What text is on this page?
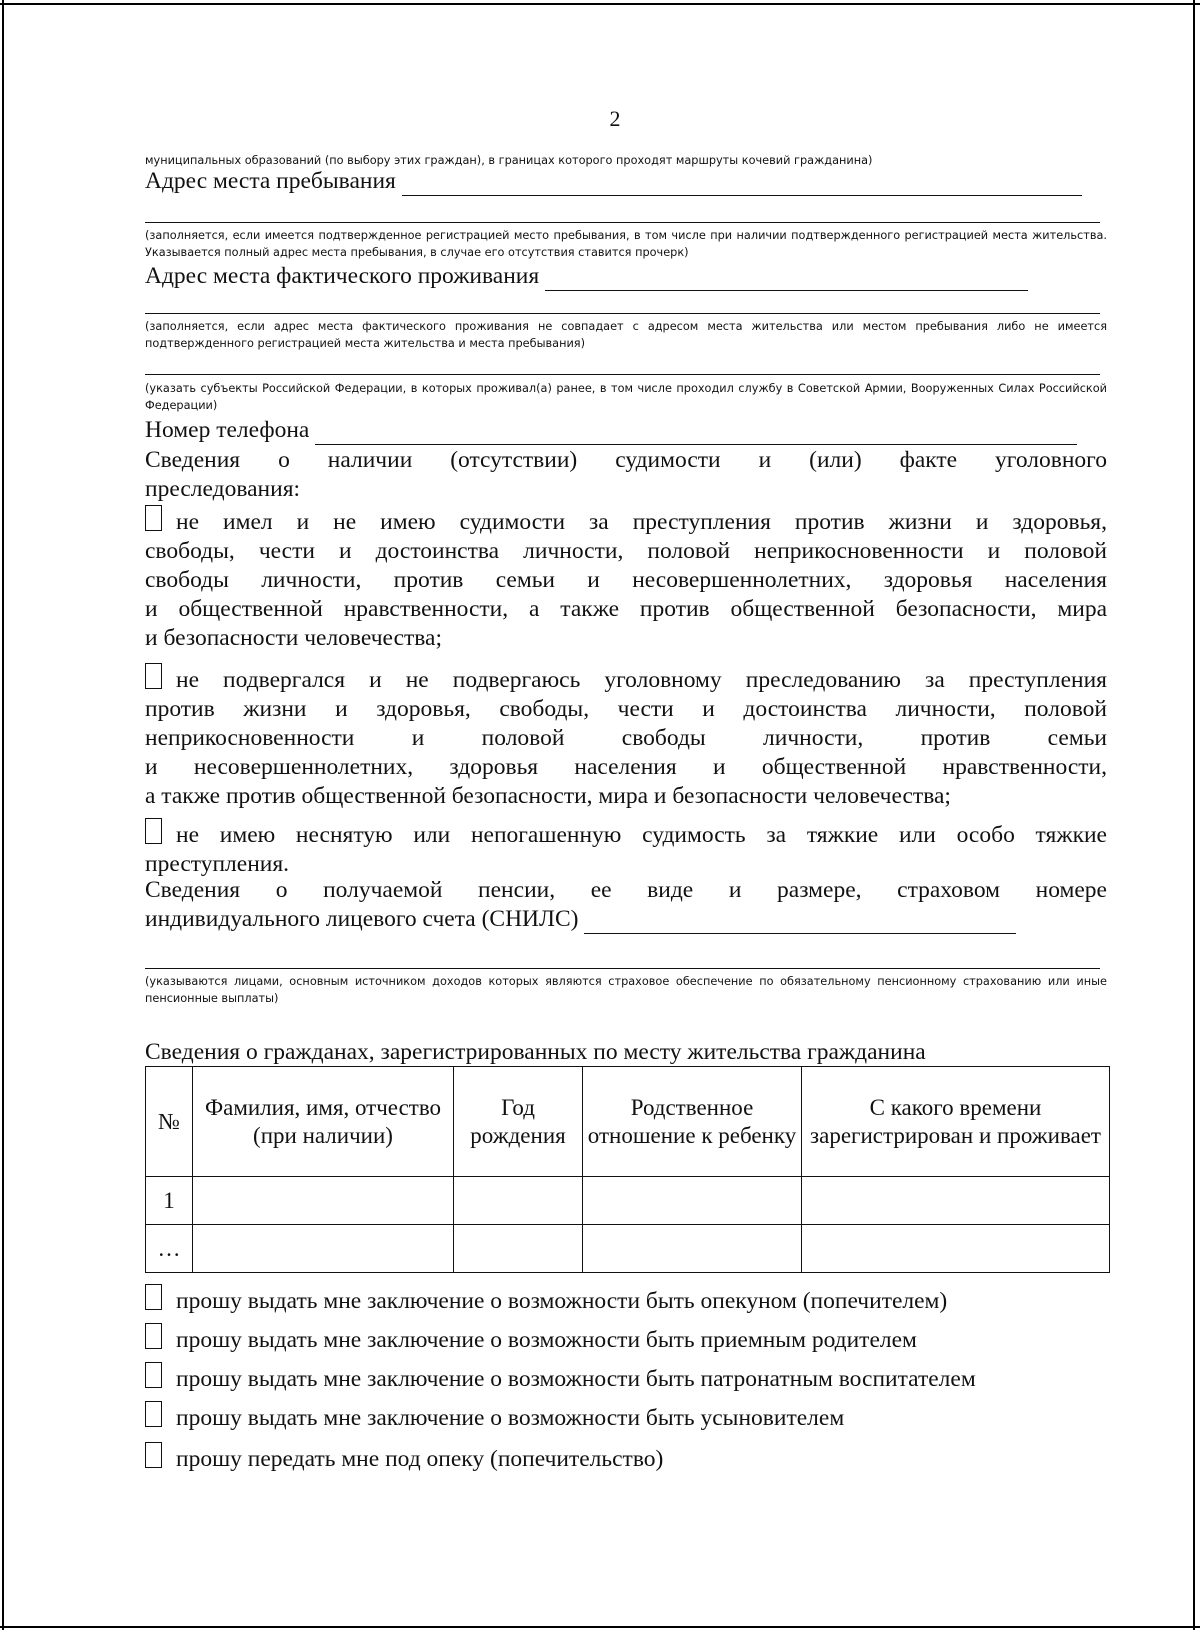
2
муниципальных образований (по выбору этих граждан), в границах которого проходят маршруты кочевий гражданина)
Адрес места пребывания
(заполняется, если имеется подтвержденное регистрацией место пребывания, в том числе при наличии подтвержденного регистрацией места жительства. Указывается полный адрес места пребывания, в случае его отсутствия ставится прочерк)
Адрес места фактического проживания
(заполняется, если адрес места фактического проживания не совпадает с адресом места жительства или местом пребывания либо не имеется подтвержденного регистрацией места жительства и места пребывания)
(указать субъекты Российской Федерации, в которых проживал(а) ранее, в том числе проходил службу в Советской Армии, Вооруженных Силах Российской Федерации)
Номер телефона
Сведения о наличии (отсутствии) судимости и (или) факте уголовного
преследования:
не имел и не имею судимости за преступления против жизни и здоровья,
свободы, чести и достоинства личности, половой неприкосновенности и половой
свободы личности, против семьи и несовершеннолетних, здоровья населения
и общественной нравственности, а также против общественной безопасности, мира
и безопасности человечества;
не подвергался и не подвергаюсь уголовному преследованию за преступления
против жизни и здоровья, свободы, чести и достоинства личности, половой
неприкосновенности и половой свободы личности, против семьи
и несовершеннолетних, здоровья населения и общественной нравственности,
а также против общественной безопасности, мира и безопасности человечества;
не имею неснятую или непогашенную судимость за тяжкие или особо тяжкие
преступления.
Сведения о получаемой пенсии, ее виде и размере, страховом номере
индивидуального лицевого счета (СНИЛС)
(указываются лицами, основным источником доходов которых являются страховое обеспечение по обязательному пенсионному страхованию или иные пенсионные выплаты)
Сведения о гражданах, зарегистрированных по месту жительства гражданина
№	Фамилия, имя, отчество (при наличии)	Год рождения	Родственное отношение к ребенку	С какого времени зарегистрирован и проживает
1				
…				
прошу выдать мне заключение о возможности быть опекуном (попечителем)
прошу выдать мне заключение о возможности быть приемным родителем
прошу выдать мне заключение о возможности быть патронатным воспитателем
прошу выдать мне заключение о возможности быть усыновителем
прошу передать мне под опеку (попечительство)
